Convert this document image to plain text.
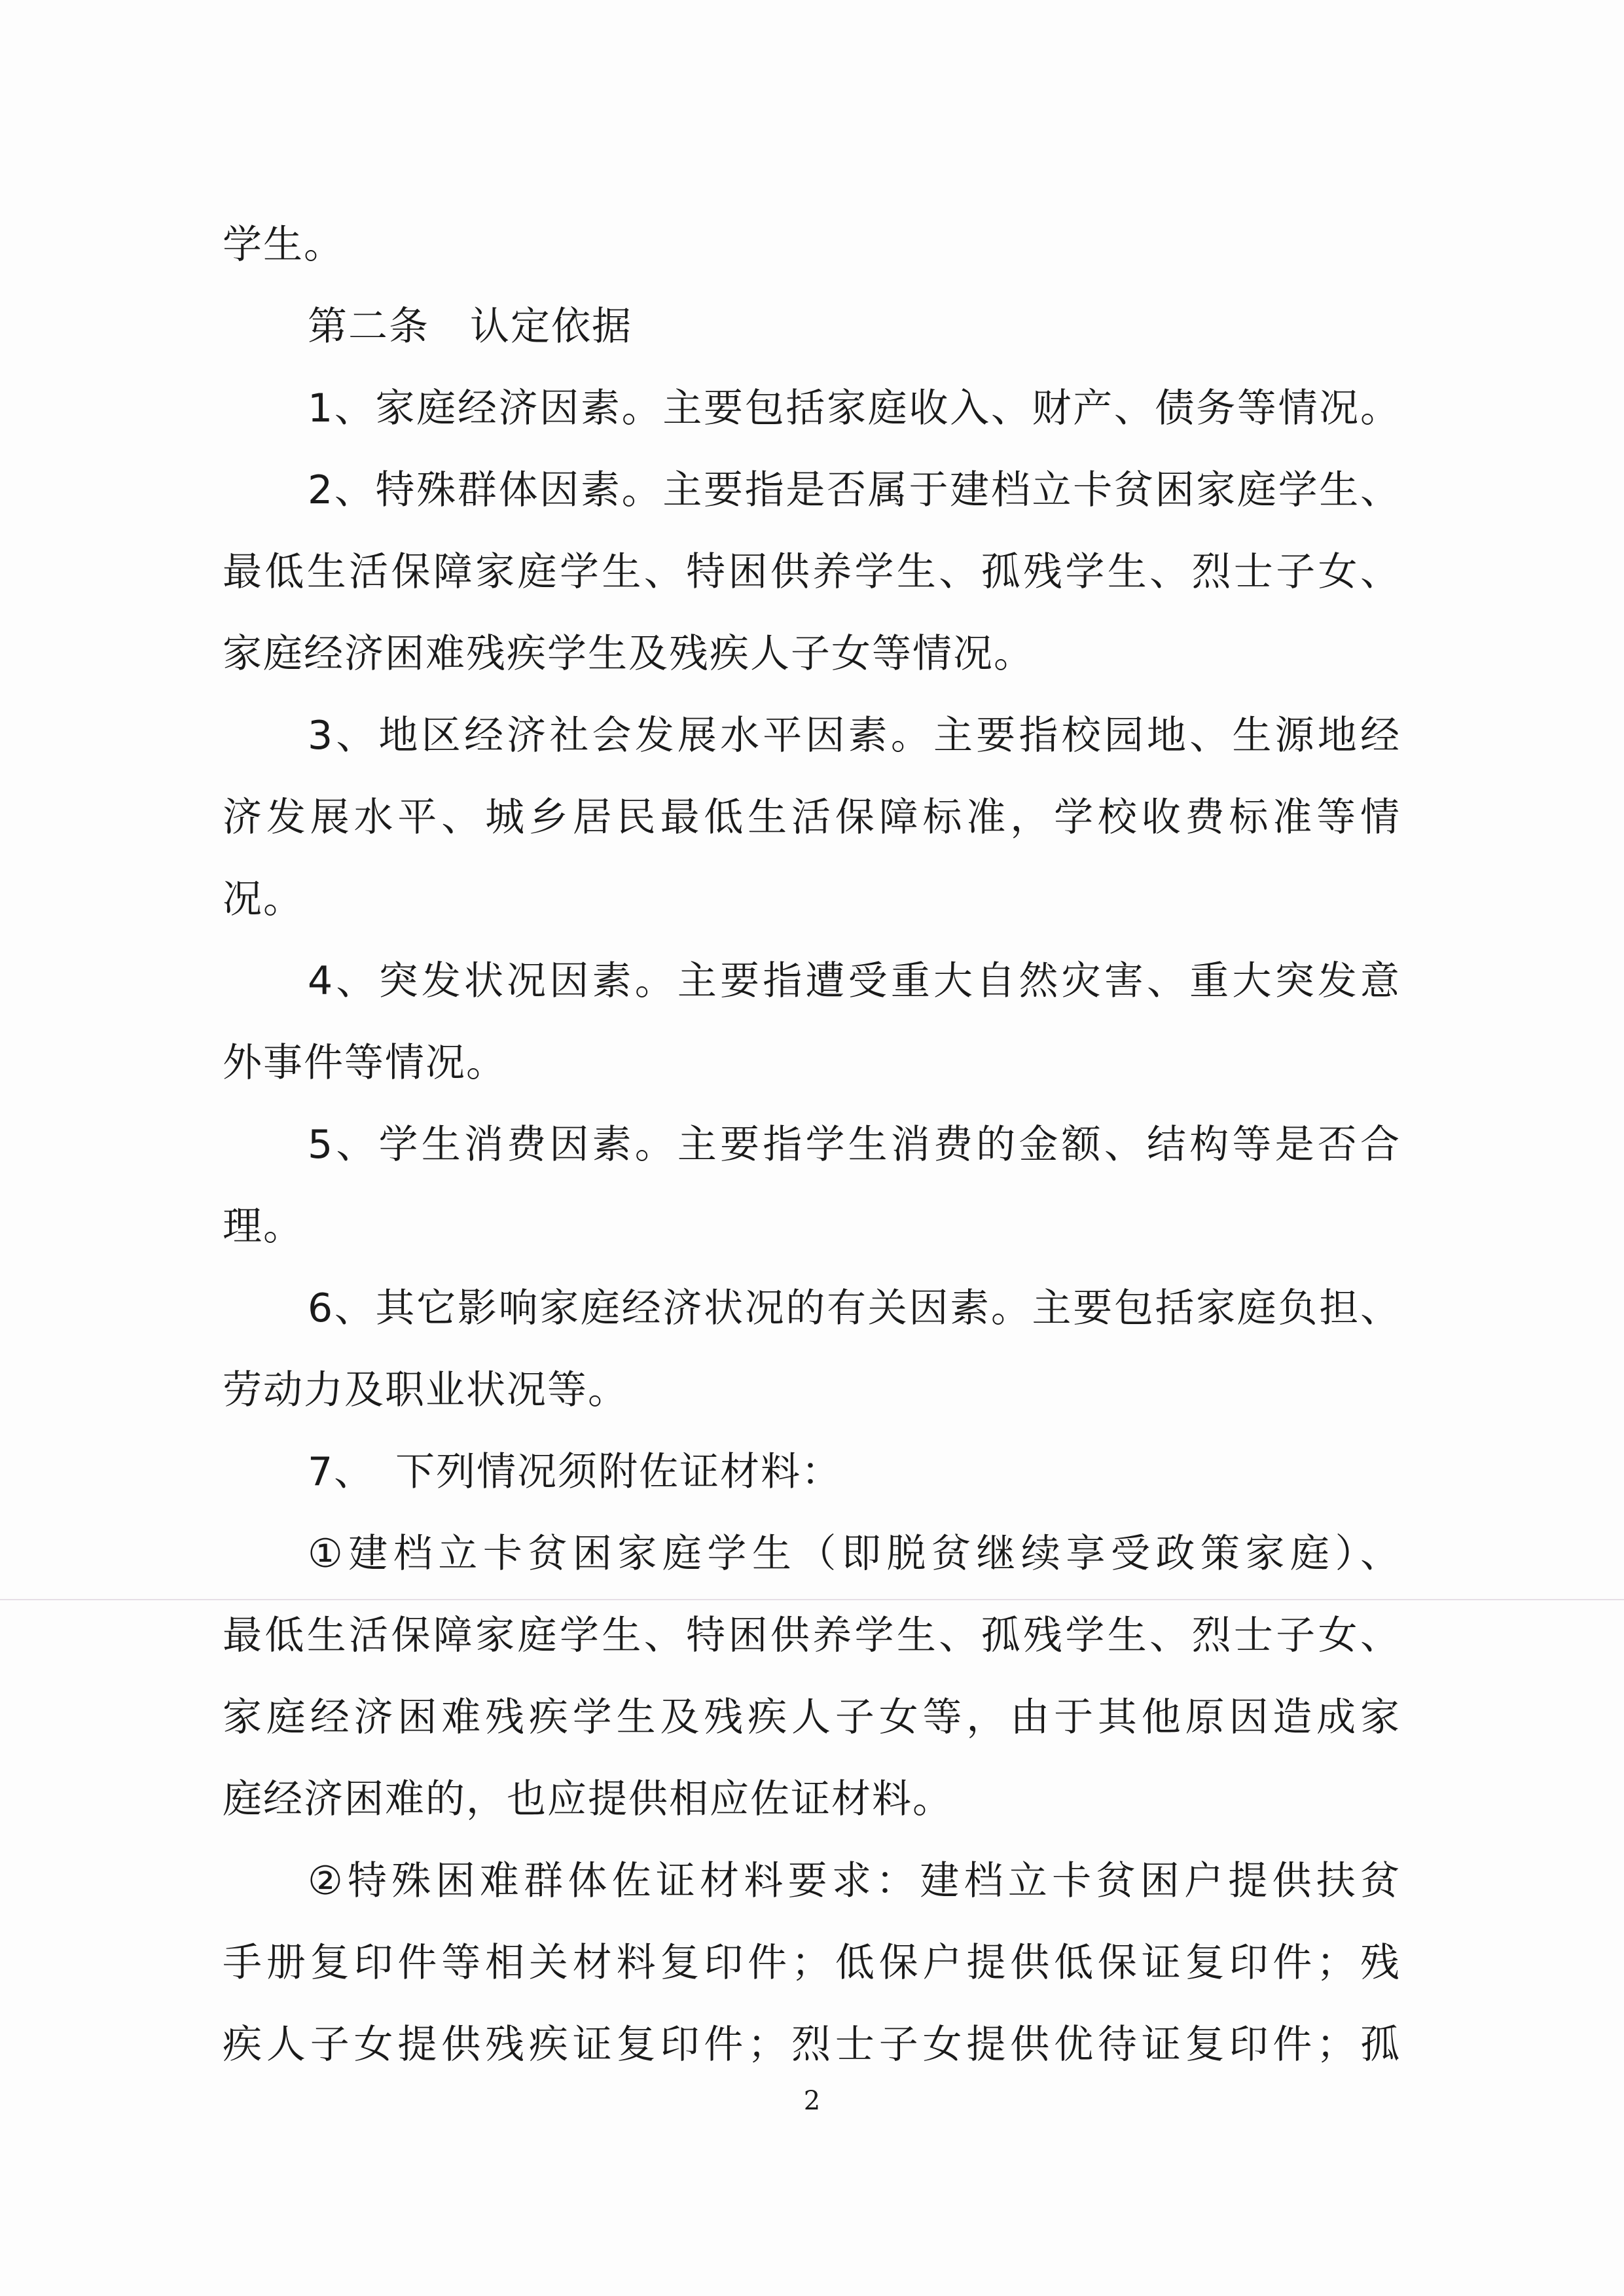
学生。
第二条　认定依据
1、家庭经济因素。主要包括家庭收入、财产、债务等情况。
2、特殊群体因素。主要指是否属于建档立卡贫困家庭学生、
最低生活保障家庭学生、特困供养学生、孤残学生、烈士子女、
家庭经济困难残疾学生及残疾人子女等情况。
3、地区经济社会发展水平因素。主要指校园地、生源地经
济发展水平、城乡居民最低生活保障标准，学校收费标准等情
况。
4、突发状况因素。主要指遭受重大自然灾害、重大突发意
外事件等情况。
5、学生消费因素。主要指学生消费的金额、结构等是否合
理。
6、其它影响家庭经济状况的有关因素。主要包括家庭负担、
劳动力及职业状况等。
7、　下列情况须附佐证材料：
①建档立卡贫困家庭学生（即脱贫继续享受政策家庭）、
最低生活保障家庭学生、特困供养学生、孤残学生、烈士子女、
家庭经济困难残疾学生及残疾人子女等，由于其他原因造成家
庭经济困难的，也应提供相应佐证材料。
②特殊困难群体佐证材料要求：建档立卡贫困户提供扶贫
手册复印件等相关材料复印件；低保户提供低保证复印件；残
疾人子女提供残疾证复印件；烈士子女提供优待证复印件；孤
2
